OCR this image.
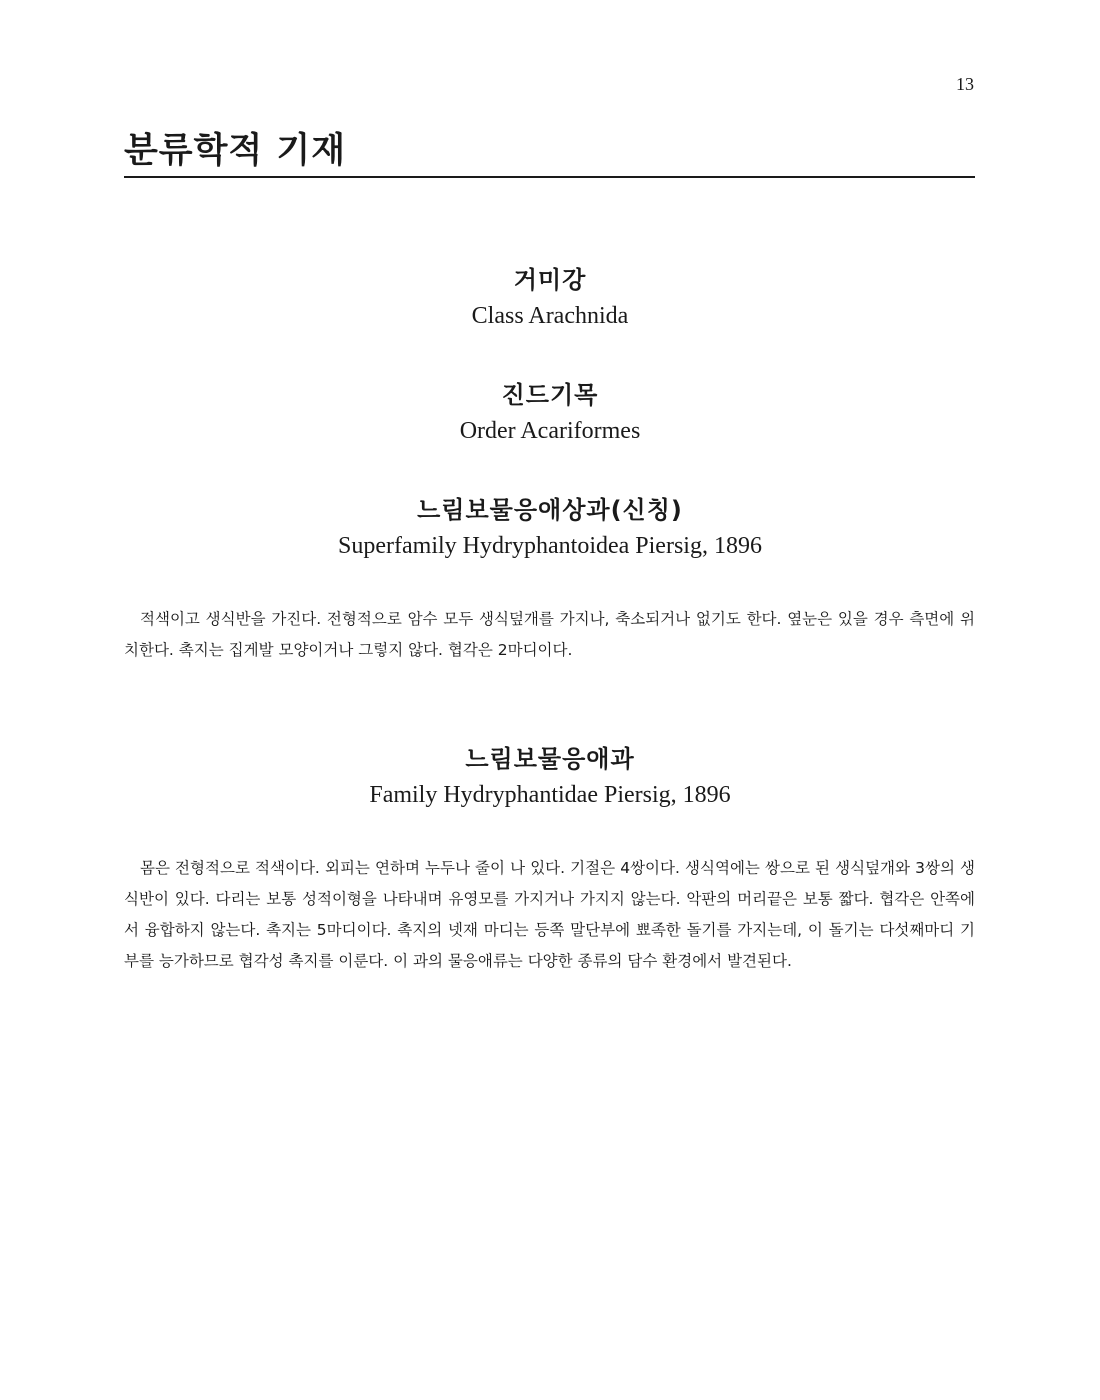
13
분류학적 기재
거미강
Class Arachnida
진드기목
Order Acariformes
느림보물응애상과(신칭)
Superfamily Hydryphantoidea Piersig, 1896

적색이고 생식반을 가진다. 전형적으로 암수 모두 생식덮개를 가지나, 축소되거나 없기도 한다. 옆눈은 있을 경우 측면에 위치한다. 촉지는 집게발 모양이거나 그렇지 않다. 협각은 2마디이다.

느림보물응애과
Family Hydryphantidae Piersig, 1896

몸은 전형적으로 적색이다. 외피는 연하며 누두나 줄이 나 있다. 기절은 4쌍이다. 생식역에는 쌍으로 된 생식덮개와 3쌍의 생식반이 있다. 다리는 보통 성적이형을 나타내며 유영모를 가지거나 가지지 않는다. 악판의 머리끝은 보통 짧다. 협각은 안쪽에서 융합하지 않는다. 촉지는 5마디이다. 촉지의 넷재 마디는 등쪽 말단부에 뾰족한 돌기를 가지는데, 이 돌기는 다섯째마디 기부를 능가하므로 협각성 촉지를 이룬다. 이 과의 물응애류는 다양한 종류의 담수 환경에서 발견된다.
